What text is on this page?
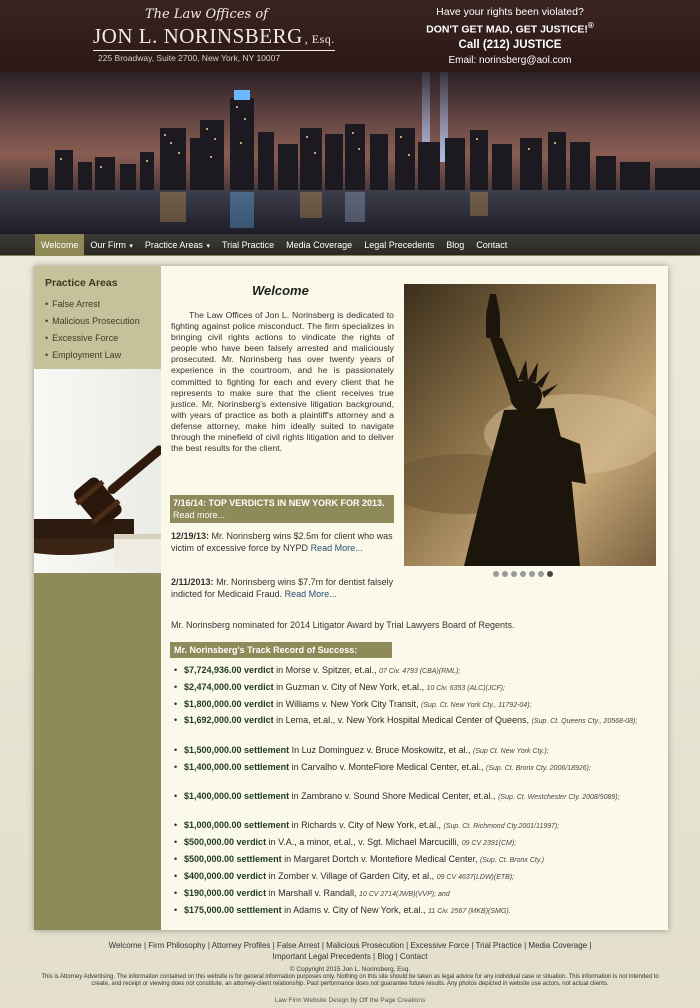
The Law Offices of
JON L. NORINSBERG , Esq.
225 Broadway, Suite 2700, New York, NY 10007
Have your rights been violated?
DON'T GET MAD, GET JUSTICE!®
Call (212) JUSTICE
Email: norinsberg@aol.com
Welcome	Our Firm ▾	Practice Areas ▾	Trial Practice	Media Coverage	Legal Precedents	Blog	Contact
Practice Areas
• False Arrest
• Malicious Prosecution
• Excessive Force
• Employment Law
Welcome
The Law Offices of Jon L. Norinsberg is dedicated to fighting against police misconduct. The firm specializes in bringing civil rights actions to vindicate the rights of people who have been falsely arrested and maliciously prosecuted. Mr. Norinsberg has over twenty years of experience in the courtroom, and he is passionately committed to fighting for each and every client that he represents to make sure that the client receives true justice. Mr. Norinsberg's extensive litigation background, with years of practice as both a plaintiff's attorney and a defense attorney, make him ideally suited to navigate through the minefield of civil rights litigation and to deliver the best results for the client.
7/16/14: TOP VERDICTS IN NEW YORK FOR 2013. Read more...
12/19/13: Mr. Norinsberg wins $2.5m for client who was victim of excessive force by NYPD Read More...
2/11/2013: Mr. Norinsberg wins $7.7m for dentist falsely indicted for Medicaid Fraud. Read More...
Mr. Norinsberg nominated for 2014 Litigator Award by Trial Lawyers Board of Regents.
Mr. Norinsberg's Track Record of Success:
• $7,724,936.00 verdict in Morse v. Spitzer, et.al., 07 Civ. 4793 (CBA)(RML);
• $2,474,000.00 verdict in Guzman v. City of New York, et.al., 10 Civ. 6353 (ALC)(JCF);
• $1,800,000.00 verdict in Williams v. New York City Transit, (Sup. Ct. New York Cty., 11792-04);
• $1,692,000.00 verdict in Lema, et.al., v. New York Hospital Medical Center of Queens, (Sup. Ct. Queens Cty., 20568-08);
• $1,500,000.00 settlement In Luz Dominguez v. Bruce Moskowitz, et al., (Sup Ct. New York Cty.);
• $1,400,000.00 settlement in Carvalho v. MonteFiore Medical Center, et.al., (Sup. Ct. Bronx Cty. 2006/18926);
• $1,400,000.00 settlement in Zambrano v. Sound Shore Medical Center, et.al., (Sup. Ct. Westchester Cty. 2008/5089);
• $1,000,000.00 settlement in Richards v. City of New York, et.al., (Sup. Ct. Richmond Cty.2001/11997);
• $500,000.00 verdict in V.A., a minor, et.al., v. Sgt. Michael Marcucilli, 09 CV 2391(CM);
• $500,000.00 settlement in Margaret Dortch v. Montefiore Medical Center, (Sup. Ct. Bronx Cty.)
• $400,000.00 verdict in Zomber v. Village of Garden City, et al., 09 CV 4637(LDW)(ETB);
• $190,000.00 verdict in Marshall v. Randall, 10 CV 2714(JWB)(VVP); and
• $175,000.00 settlement in Adams v. City of New York, et.al., 11 Civ. 2567 (MKB)(SMG).
Welcome | Firm Philosophy | Attorney Profiles | False Arrest | Malicious Prosecution | Excessive Force | Trial Practice | Media Coverage |
Important Legal Precedents | Blog | Contact
© Copyright 2015 Jon L. Norinsberg, Esq.
This is Attorney Advertising. The information contained on this website is for general information purposes only. Nothing on this site should be taken as legal advice for any individual case or situation. This information is not intended to create, and receipt or viewing does not constitute, an attorney-client relationship. Past performance does not guarantee future results. Any photos depicted in website use actors, not actual clients.
Law Firm Website Design by Off the Page Creations
